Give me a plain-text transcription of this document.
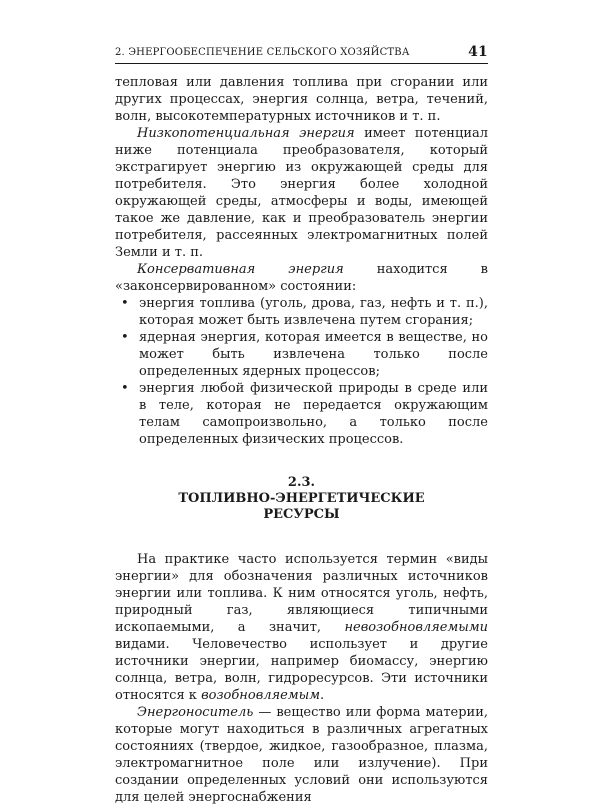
2. ЭНЕРГООБЕСПЕЧЕНИЕ СЕЛЬСКОГО ХОЗЯЙСТВА	41

тепловая или давления топлива при сгорании или других процессах, энергия солнца, ветра, течений, волн, высокотемпературных источников и т. п.

Низкопотенциальная энергия имеет потенциал ниже потенциала преобразователя, который экстрагирует энергию из окружающей среды для потребителя. Это энергия более холодной окружающей среды, атмосферы и воды, имеющей такое же давление, как и преобразователь энергии потребителя, рассеянных электромагнитных полей Земли и т. п.

Консервативная энергия находится в «законсервированном» состоянии:

• энергия топлива (уголь, дрова, газ, нефть и т. п.), которая может быть извлечена путем сгорания;
• ядерная энергия, которая имеется в веществе, но может быть извлечена только после определенных ядерных процессов;
• энергия любой физической природы в среде или в теле, которая не передается окружающим телам самопроизвольно, а только после определенных физических процессов.
2.3.
ТОПЛИВНО-ЭНЕРГЕТИЧЕСКИЕ
РЕСУРСЫ

На практике часто используется термин «виды энергии» для обозначения различных источников энергии или топлива. К ним относятся уголь, нефть, природный газ, являющиеся типичными ископаемыми, а значит, невозобновляемыми видами. Человечество использует и другие источники энергии, например биомассу, энергию солнца, ветра, волн, гидроресурсов. Эти источники относятся к возобновляемым.

Энергоноситель — вещество или форма материи, которые могут находиться в различных агрегатных состояниях (твердое, жидкое, газообразное, плазма, электромагнитное поле или излучение). При создании определенных условий они используются для целей энергоснабжения
